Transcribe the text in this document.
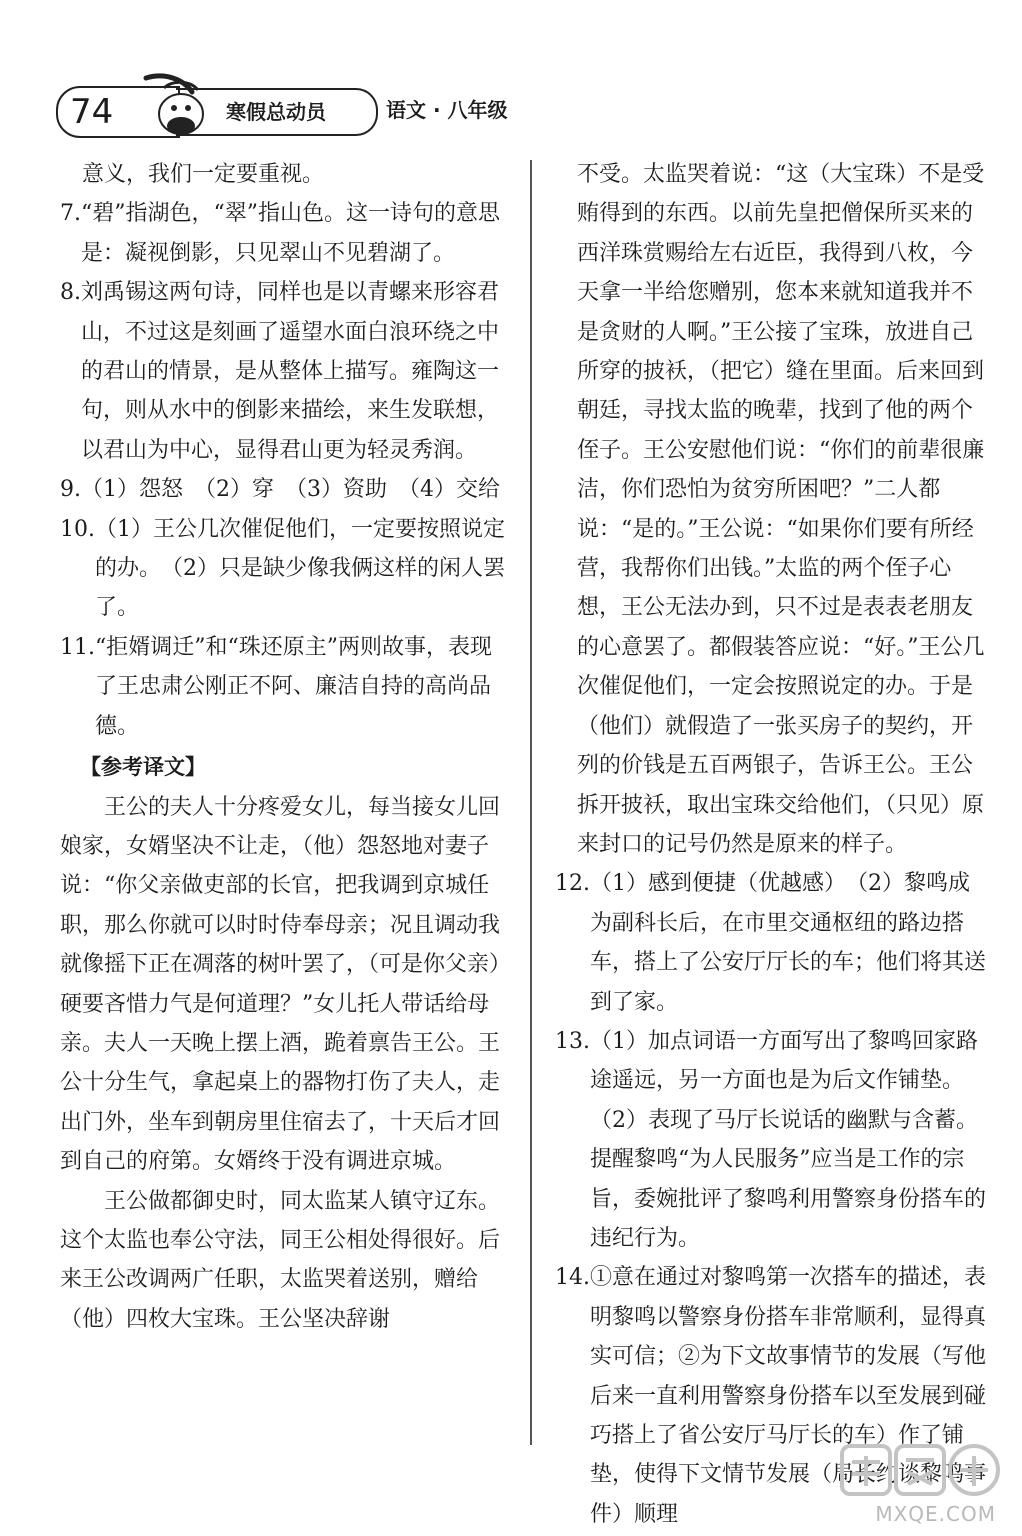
74	寒假总动员	语文 · 八年级

意义，我们一定要重视。

7. “碧”指湖色，“翠”指山色。这一诗句的意思是：凝视倒影，只见翠山不见碧湖了。
8. 刘禹锡这两句诗，同样也是以青螺来形容君山，不过这是刻画了遥望水面白浪环绕之中的君山的情景，是从整体上描写。雍陶这一句，则从水中的倒影来描绘，来生发联想，以君山为中心，显得君山更为轻灵秀润。
9. （1）怨怒　（2）穿　（3）资助　（4）交给
10. （1）王公几次催促他们，一定要按照说定的办。　（2）只是缺少像我俩这样的闲人罢了。
11. “拒婿调迁”和“珠还原主”两则故事，表现了王忠肃公刚正不阿、廉洁自持的高尚品德。

【参考译文】

王公的夫人十分疼爱女儿，每当接女儿回娘家，女婿坚决不让走，（他）怨怒地对妻子说：“你父亲做吏部的长官，把我调到京城任职，那么你就可以时时侍奉母亲；况且调动我就像摇下正在凋落的树叶罢了，（可是你父亲）硬要吝惜力气是何道理？”女儿托人带话给母亲。夫人一天晚上摆上酒，跪着禀告王公。王公十分生气，拿起桌上的器物打伤了夫人，走出门外，坐车到朝房里住宿去了，十天后才回到自己的府第。女婿终于没有调进京城。

王公做都御史时，同太监某人镇守辽东。这个太监也奉公守法，同王公相处得很好。后来王公改调两广任职，太监哭着送别，赠给（他）四枚大宝珠。王公坚决辞谢

不受。太监哭着说：“这（大宝珠）不是受贿得到的东西。以前先皇把僧保所买来的西洋珠赏赐给左右近臣，我得到八枚，今天拿一半给您赠别，您本来就知道我并不是贪财的人啊。”王公接了宝珠，放进自己所穿的披袄，（把它）缝在里面。后来回到朝廷，寻找太监的晚辈，找到了他的两个侄子。王公安慰他们说：“你们的前辈很廉洁，你们恐怕为贫穷所困吧？”二人都说：“是的。”王公说：“如果你们要有所经营，我帮你们出钱。”太监的两个侄子心想，王公无法办到，只不过是表表老朋友的心意罢了。都假装答应说：“好。”王公几次催促他们，一定会按照说定的办。于是（他们）就假造了一张买房子的契约，开列的价钱是五百两银子，告诉王公。王公拆开披袄，取出宝珠交给他们，（只见）原来封口的记号仍然是原来的样子。

12. （1）感到便捷（优越感）　（2）黎鸣成为副科长后，在市里交通枢纽的路边搭车，搭上了公安厅厅长的车；他们将其送到了家。
13. （1）加点词语一方面写出了黎鸣回家路途遥远，另一方面也是为后文作铺垫。　（2）表现了马厅长说话的幽默与含蓄。提醒黎鸣“为人民服务”应当是工作的宗旨，委婉批评了黎鸣利用警察身份搭车的违纪行为。
14. ①意在通过对黎鸣第一次搭车的描述，表明黎鸣以警察身份搭车非常顺利，显得真实可信；②为下文故事情节的发展（写他后来一直利用警察身份搭车以至发展到碰巧搭上了省公安厅马厅长的车）作了铺垫，使得下文情节发展（局长约谈黎鸣事件）顺理	MXQE.COM
